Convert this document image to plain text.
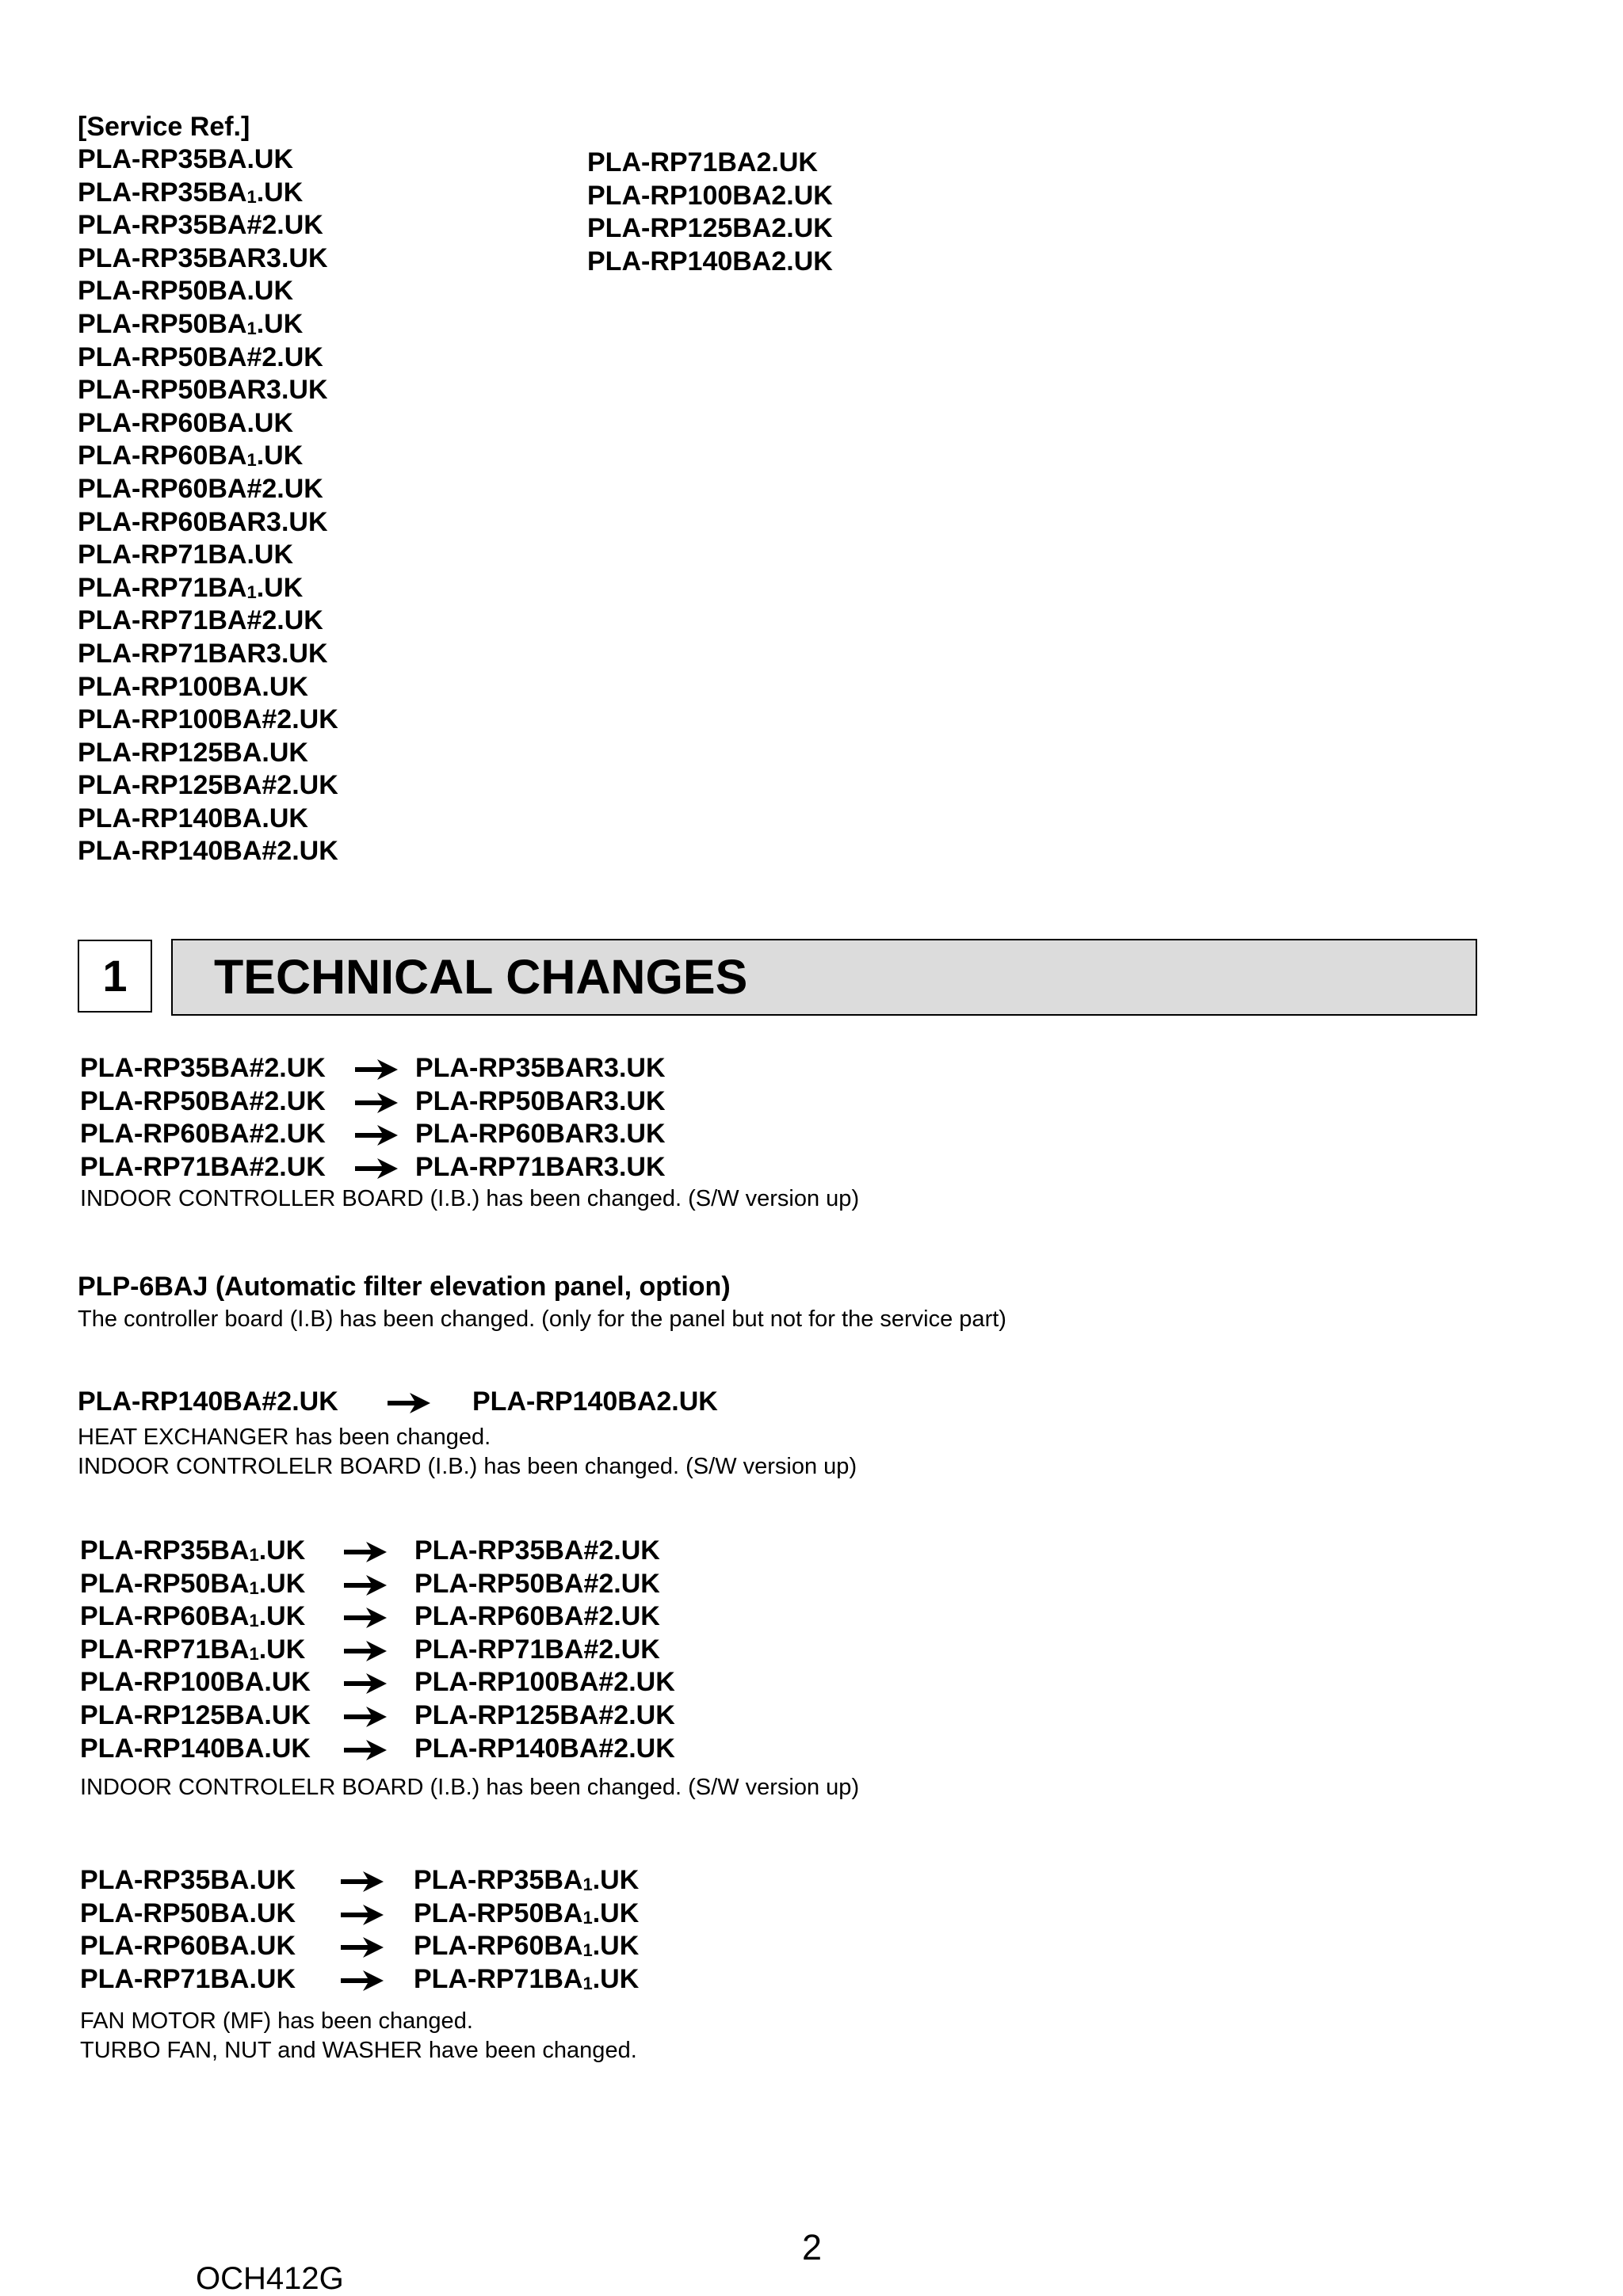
[Service Ref.]
PLA-RP35BA.UK
PLA-$RP35BA_1.UK$
PLA-RP35BA#2.UK
PLA-RP35BAR3.UK
PLA-RP50BA.UK
PLA-$RP50BA_1.UK$
PLA-RP50BA#2.UK
PLA-RP50BAR3.UK
PLA-RP60BA.UK
PLA-$RP60BA_1.UK$
PLA-RP60BA#2.UK
PLA-RP60BAR3.UK
PLA-RP71BA.UK
PLA-$RP71BA_1.UK$
PLA-RP71BA#2.UK
PLA-RP71BAR3.UK
PLA-RP100BA.UK
PLA-RP100BA#2.UK
PLA-RP125BA.UK
PLA-RP125BA#2.UK
PLA-RP140BA.UK
PLA-RP140BA#2.UK
PLA-RP71BA2.UK
PLA-RP100BA2.UK
PLA-RP125BA2.UK
PLA-RP140BA2.UK
1	TECHNICAL CHANGES
PLA-RP35BA#2.UK	PLA-RP35BAR3.UK
PLA-RP50BA#2.UK	PLA-RP50BAR3.UK
PLA-RP60BA#2.UK	PLA-RP60BAR3.UK
PLA-RP71BA#2.UK	PLA-RP71BAR3.UK
INDOOR CONTROLLER BOARD (I.B.) has been changed. (S/W version up)
PLP-6BAJ (Automatic filter elevation panel, option)
The controller board (I.B) has been changed. (only for the panel but not for the service part)
PLA-RP140BA#2.UK	PLA-RP140BA2.UK
HEAT EXCHANGER has been changed.
INDOOR CONTROLELR BOARD (I.B.) has been changed. (S/W version up)
PLA-$RP35BA_1.UK$	PLA-RP35BA#2.UK
PLA-$RP50BA_1.UK$	PLA-RP50BA#2.UK
PLA-$RP60BA_1.UK$	PLA-RP60BA#2.UK
PLA-$RP71BA_1.UK$	PLA-RP71BA#2.UK
PLA-RP100BA.UK	PLA-RP100BA#2.UK
PLA-RP125BA.UK	PLA-RP125BA#2.UK
PLA-RP140BA.UK	PLA-RP140BA#2.UK
INDOOR CONTROLELR BOARD (I.B.) has been changed. (S/W version up)
PLA-RP35BA.UK	PLA-$RP35BA_1.UK$
PLA-RP50BA.UK	PLA-$RP50BA_1.UK$
PLA-RP60BA.UK	PLA-$RP60BA_1.UK$
PLA-RP71BA.UK	PLA-$RP71BA_1.UK$
FAN MOTOR (MF) has been changed.
TURBO FAN, NUT and WASHER have been changed.
2
OCH412G
